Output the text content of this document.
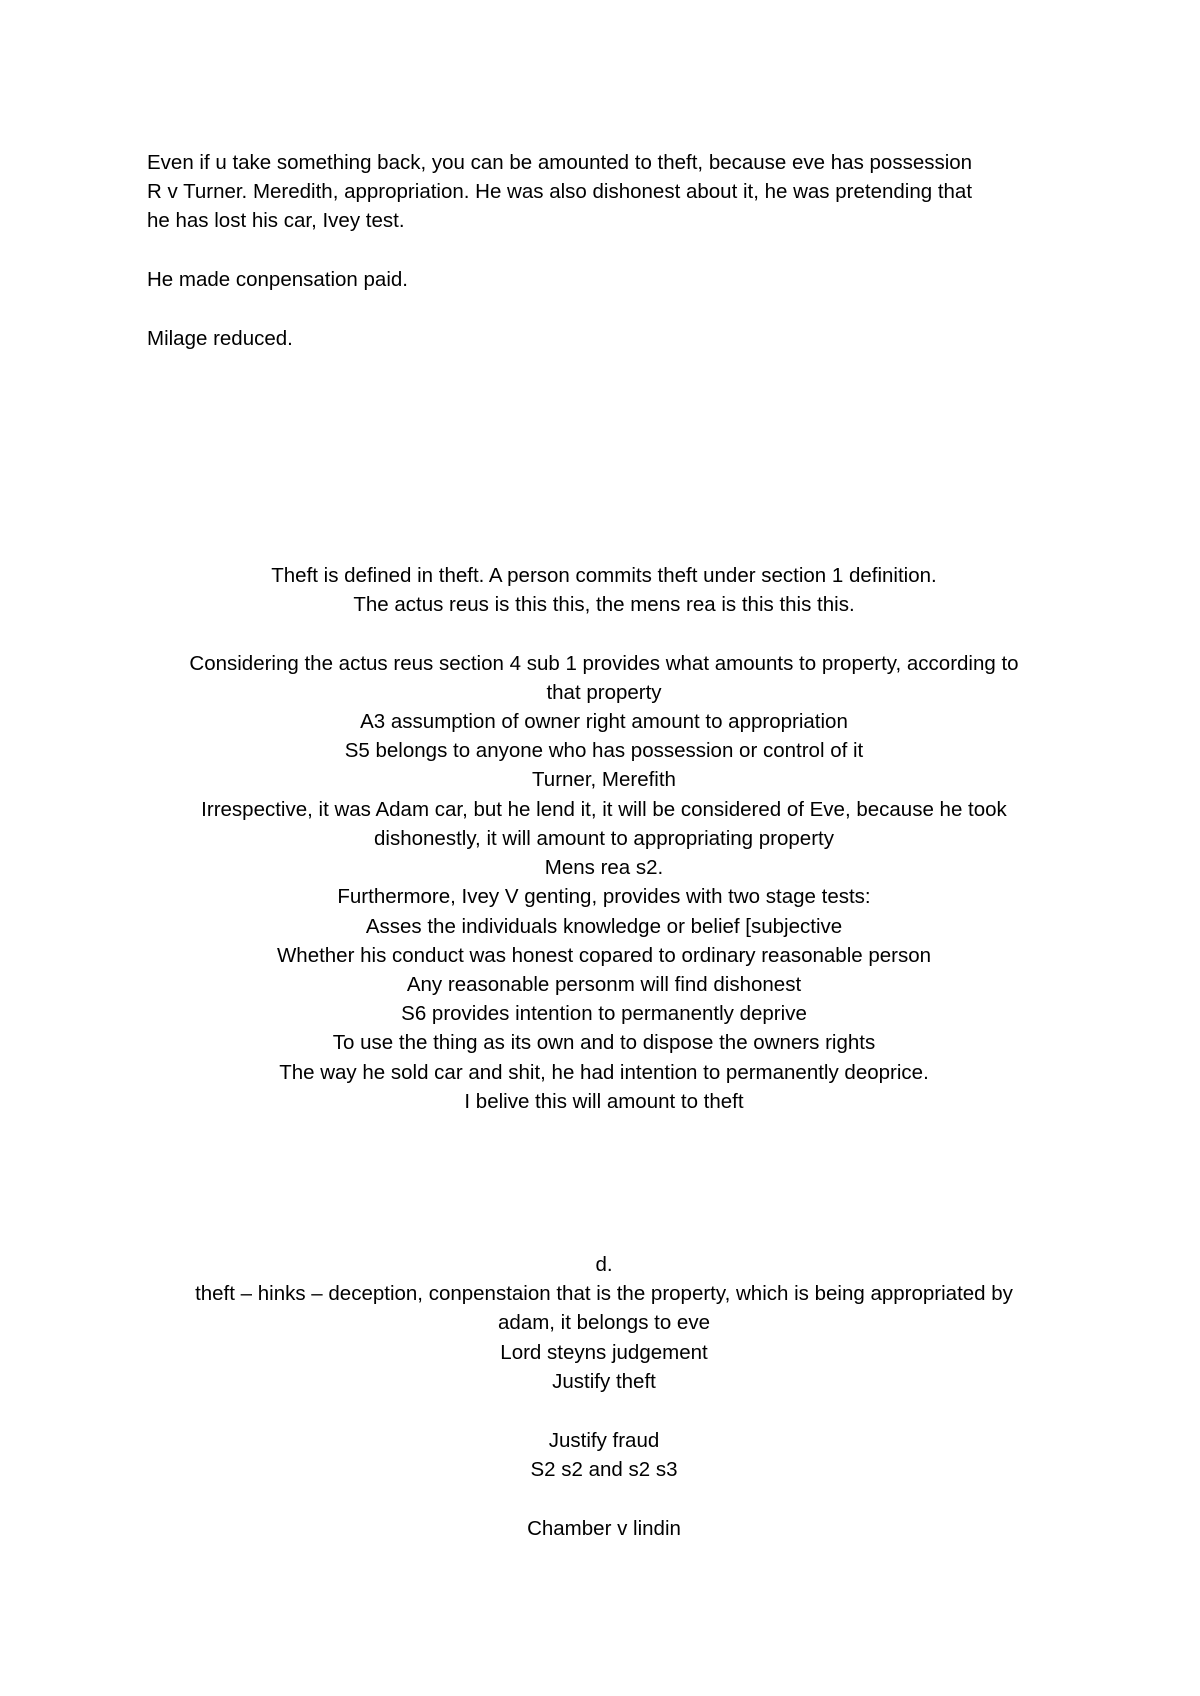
Even if u take something back, you can be amounted to theft, because eve has possession

R v Turner. Meredith, appropriation. He was also dishonest about it, he was pretending that

he has lost his car, Ivey test.

He made conpensation paid.

Milage reduced.

Theft is defined in theft. A person commits theft under section 1 definition.

The actus reus is this this, the mens rea is this this this.

Considering the actus reus section 4 sub 1 provides what amounts to property, according to

that property

A3 assumption of owner right amount to appropriation

S5 belongs to anyone who has possession or control of it

Turner, Merefith

Irrespective, it was Adam car, but he lend it, it will be considered of Eve, because he took

dishonestly, it will amount to appropriating property

Mens rea s2.

Furthermore, Ivey V genting, provides with two stage tests:

Asses the individuals knowledge or belief [subjective

Whether his conduct was honest copared to ordinary reasonable person

Any reasonable personm will find dishonest

S6 provides intention to permanently deprive

To use the thing as its own and to dispose the owners rights

The way he sold car and shit, he had intention to permanently deoprice.

I belive this will amount to theft

d.

theft – hinks – deception, conpenstaion that is the property, which is being appropriated by

adam, it belongs to eve

Lord steyns judgement

Justify theft

Justify fraud

S2 s2 and s2 s3

Chamber v lindin
